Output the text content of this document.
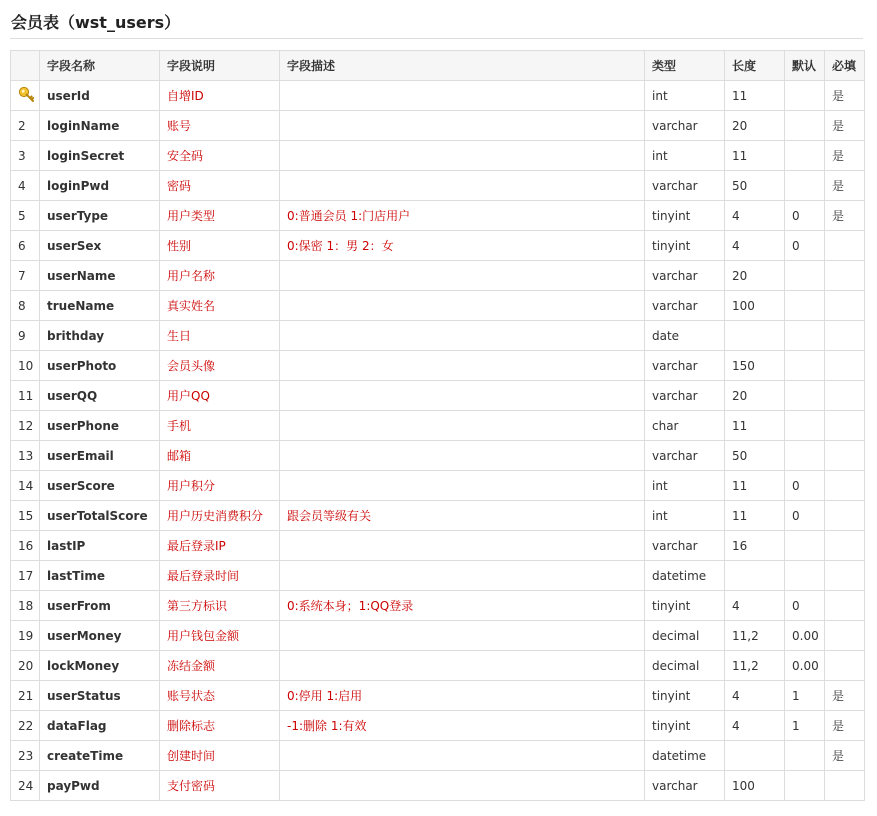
会员表（wst_users）
	字段名称	字段说明	字段描述	类型	长度	默认	必填
	userId	自增ID		int	11		是
2	loginName	账号		varchar	20		是
3	loginSecret	安全码		int	11		是
4	loginPwd	密码		varchar	50		是
5	userType	用户类型	0:普通会员 1:门店用户	tinyint	4	0	是
6	userSex	性别	0:保密 1：男 2：女	tinyint	4	0	
7	userName	用户名称		varchar	20		
8	trueName	真实姓名		varchar	100		
9	brithday	生日		date			
10	userPhoto	会员头像		varchar	150		
11	userQQ	用户QQ		varchar	20		
12	userPhone	手机		char	11		
13	userEmail	邮箱		varchar	50		
14	userScore	用户积分		int	11	0	
15	userTotalScore	用户历史消费积分	跟会员等级有关	int	11	0	
16	lastIP	最后登录IP		varchar	16		
17	lastTime	最后登录时间		datetime			
18	userFrom	第三方标识	0:系统本身；1:QQ登录	tinyint	4	0	
19	userMoney	用户钱包金额		decimal	11,2	0.00	
20	lockMoney	冻结金额		decimal	11,2	0.00	
21	userStatus	账号状态	0:停用 1:启用	tinyint	4	1	是
22	dataFlag	删除标志	-1:删除 1:有效	tinyint	4	1	是
23	createTime	创建时间		datetime			是
24	payPwd	支付密码		varchar	100		
